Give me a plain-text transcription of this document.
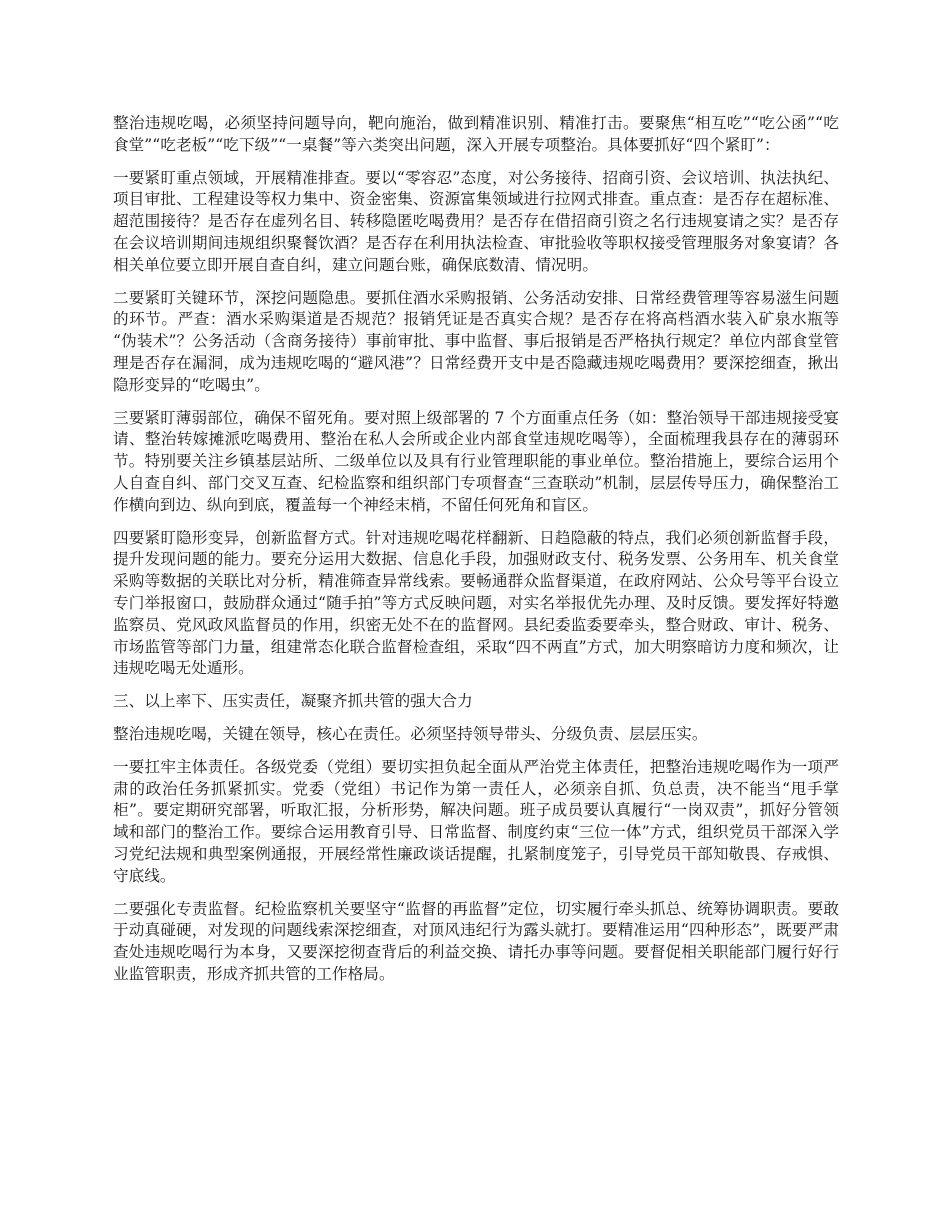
整治违规吃喝，必须坚持问题导向，靶向施治，做到精准识别、精准打击。要聚焦“相互吃”“吃公函”“吃食堂”“吃老板”“吃下级”“一桌餐”等六类突出问题，深入开展专项整治。具体要抓好“四个紧盯”：

一要紧盯重点领域，开展精准排查。要以“零容忍”态度，对公务接待、招商引资、会议培训、执法执纪、项目审批、工程建设等权力集中、资金密集、资源富集领域进行拉网式排查。重点查：是否存在超标准、超范围接待？是否存在虚列名目、转移隐匿吃喝费用？是否存在借招商引资之名行违规宴请之实？是否存在会议培训期间违规组织聚餐饮酒？是否存在利用执法检查、审批验收等职权接受管理服务对象宴请？各相关单位要立即开展自查自纠，建立问题台账，确保底数清、情况明。

二要紧盯关键环节，深挖问题隐患。要抓住酒水采购报销、公务活动安排、日常经费管理等容易滋生问题的环节。严查：酒水采购渠道是否规范？报销凭证是否真实合规？是否存在将高档酒水装入矿泉水瓶等“伪装术”？公务活动（含商务接待）事前审批、事中监督、事后报销是否严格执行规定？单位内部食堂管理是否存在漏洞，成为违规吃喝的“避风港”？日常经费开支中是否隐藏违规吃喝费用？要深挖细查，揪出隐形变异的“吃喝虫”。

三要紧盯薄弱部位，确保不留死角。要对照上级部署的 7 个方面重点任务（如：整治领导干部违规接受宴请、整治转嫁摊派吃喝费用、整治在私人会所或企业内部食堂违规吃喝等），全面梳理我县存在的薄弱环节。特别要关注乡镇基层站所、二级单位以及具有行业管理职能的事业单位。整治措施上，要综合运用个人自查自纠、部门交叉互查、纪检监察和组织部门专项督查“三查联动”机制，层层传导压力，确保整治工作横向到边、纵向到底，覆盖每一个神经末梢，不留任何死角和盲区。

四要紧盯隐形变异，创新监督方式。针对违规吃喝花样翻新、日趋隐蔽的特点，我们必须创新监督手段，提升发现问题的能力。要充分运用大数据、信息化手段，加强财政支付、税务发票、公务用车、机关食堂采购等数据的关联比对分析，精准筛查异常线索。要畅通群众监督渠道，在政府网站、公众号等平台设立专门举报窗口，鼓励群众通过“随手拍”等方式反映问题，对实名举报优先办理、及时反馈。要发挥好特邀监察员、党风政风监督员的作用，织密无处不在的监督网。县纪委监委要牵头，整合财政、审计、税务、市场监管等部门力量，组建常态化联合监督检查组，采取“四不两直”方式，加大明察暗访力度和频次，让违规吃喝无处遁形。

三、以上率下、压实责任，凝聚齐抓共管的强大合力

整治违规吃喝，关键在领导，核心在责任。必须坚持领导带头、分级负责、层层压实。

一要扛牢主体责任。各级党委（党组）要切实担负起全面从严治党主体责任，把整治违规吃喝作为一项严肃的政治任务抓紧抓实。党委（党组）书记作为第一责任人，必须亲自抓、负总责，决不能当“甩手掌柜”。要定期研究部署，听取汇报，分析形势，解决问题。班子成员要认真履行“一岗双责”，抓好分管领域和部门的整治工作。要综合运用教育引导、日常监督、制度约束“三位一体”方式，组织党员干部深入学习党纪法规和典型案例通报，开展经常性廉政谈话提醒，扎紧制度笼子，引导党员干部知敬畏、存戒惧、守底线。

二要强化专责监督。纪检监察机关要坚守“监督的再监督”定位，切实履行牵头抓总、统筹协调职责。要敢于动真碰硬，对发现的问题线索深挖细查，对顶风违纪行为露头就打。要精准运用“四种形态”，既要严肃查处违规吃喝行为本身，又要深挖彻查背后的利益交换、请托办事等问题。要督促相关职能部门履行好行业监管职责，形成齐抓共管的工作格局。
